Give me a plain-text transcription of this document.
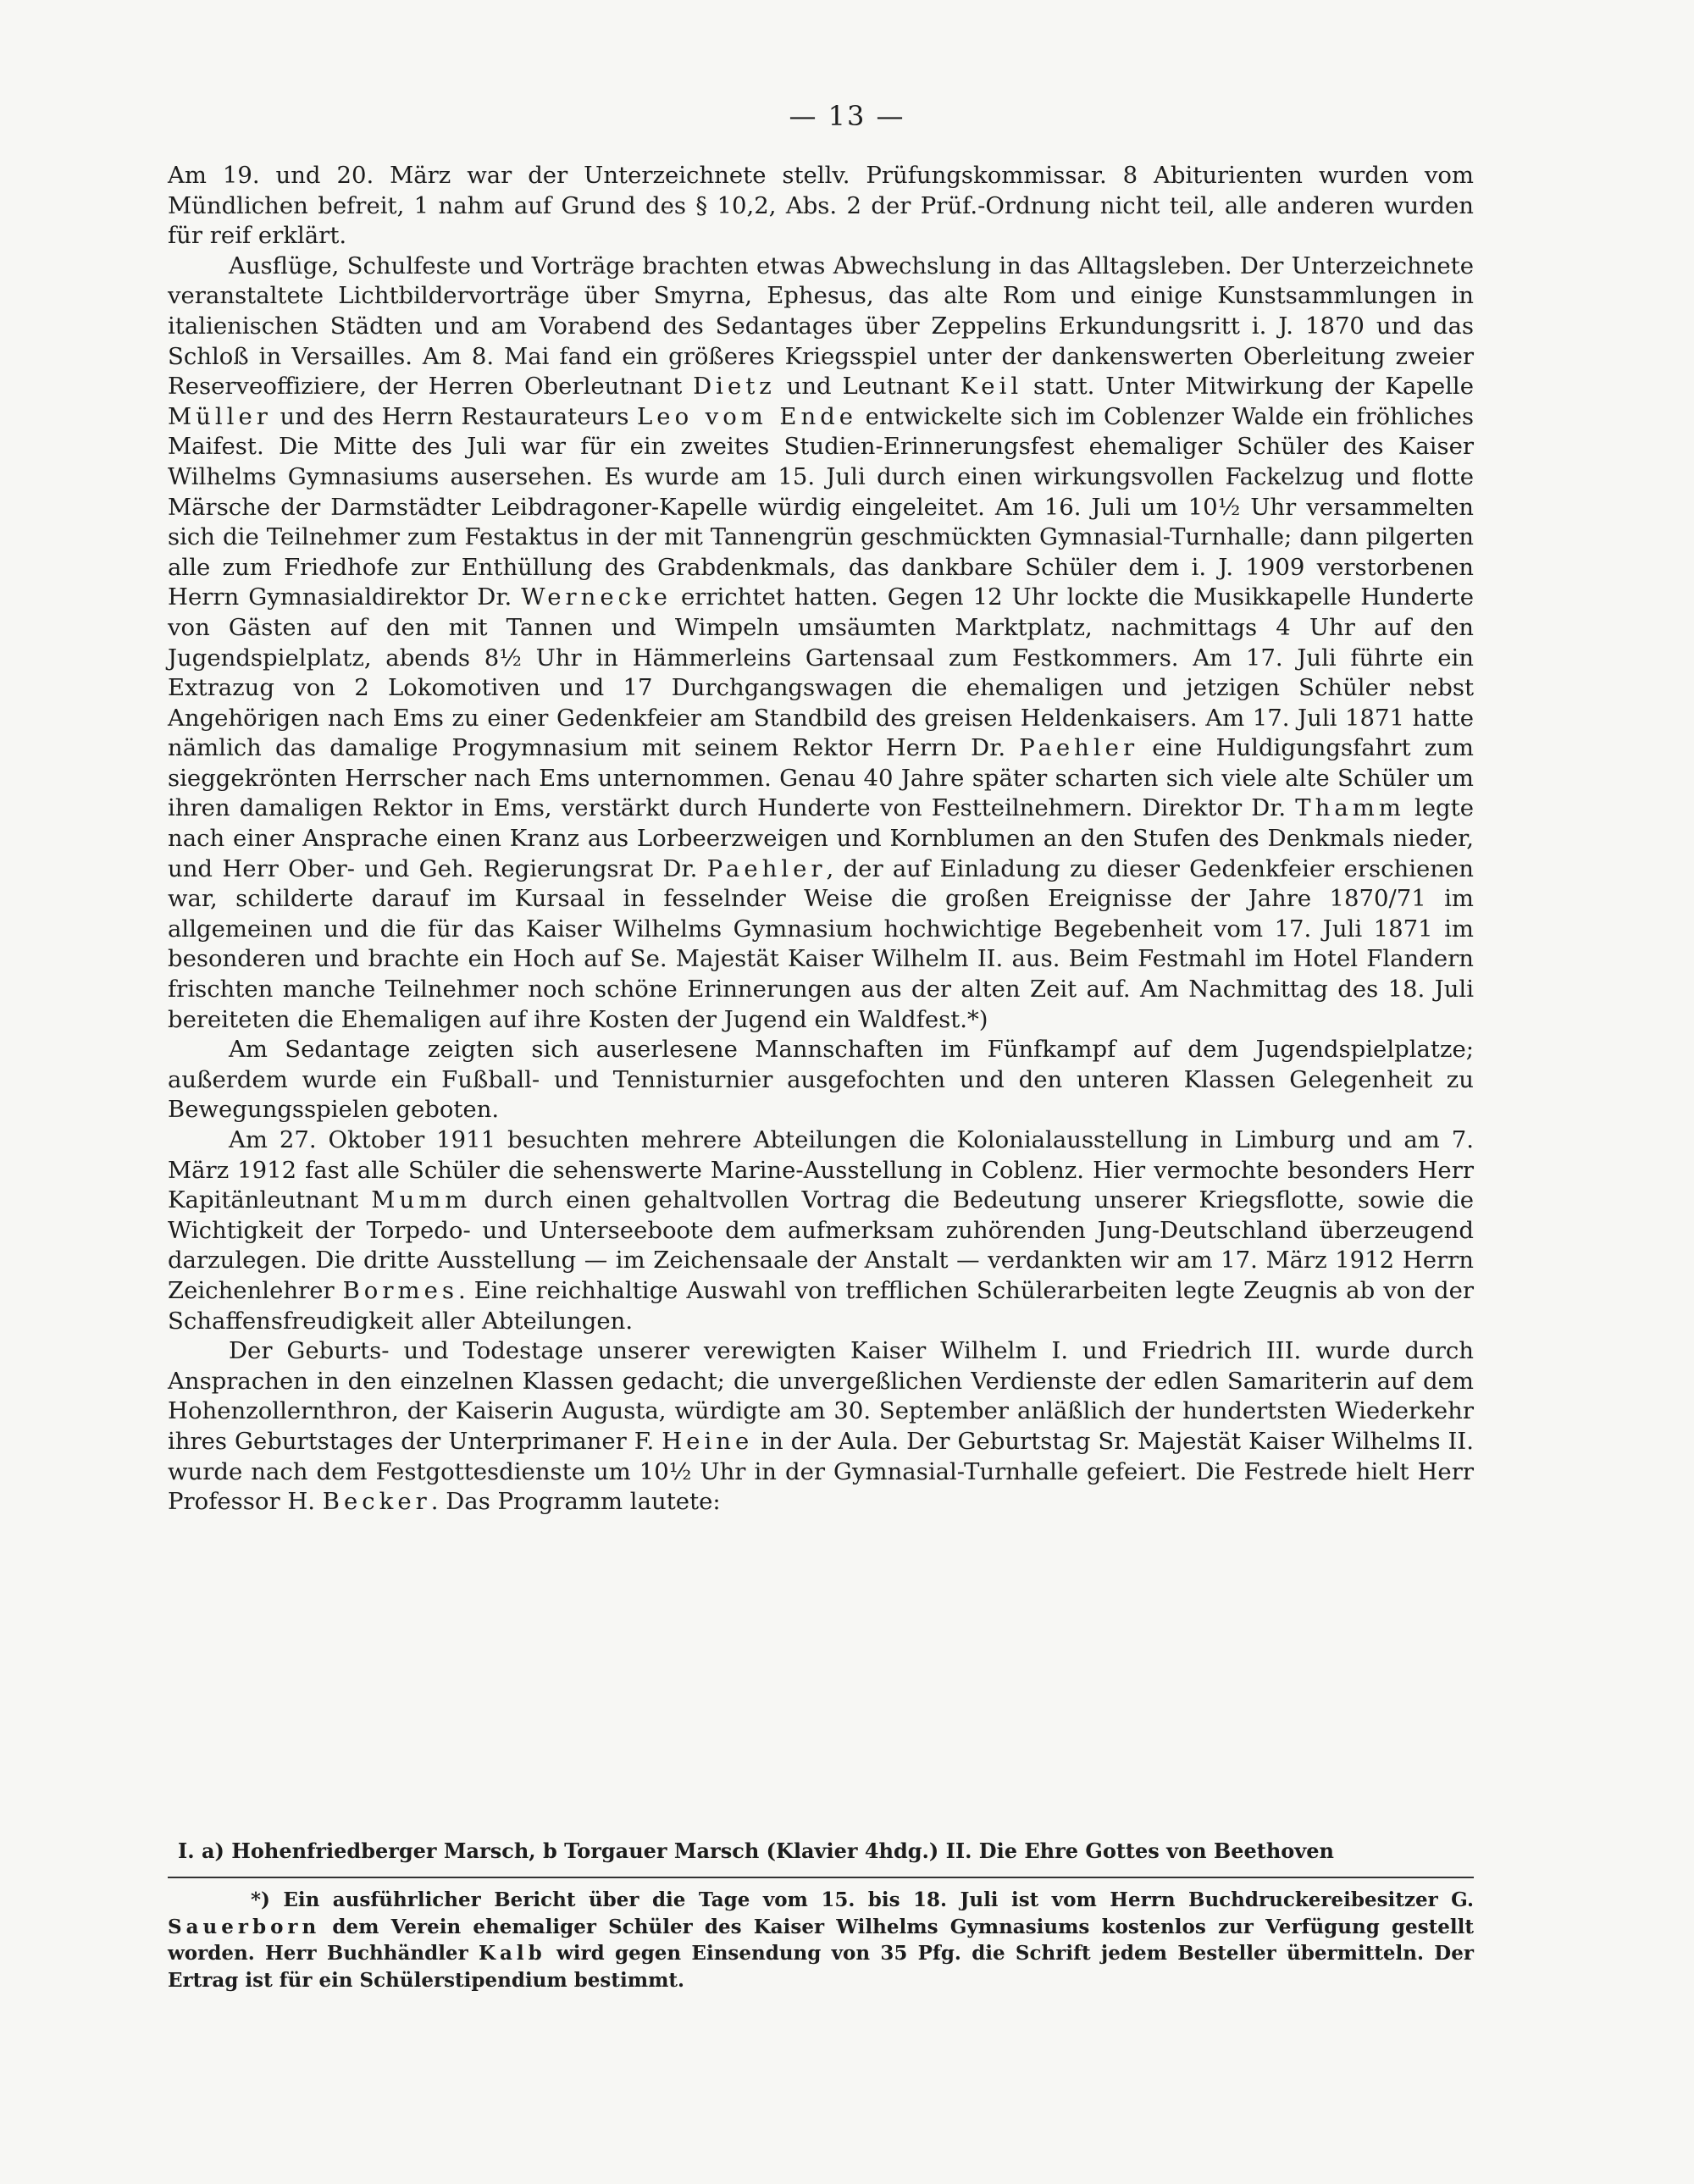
— 13 —

Am 19. und 20. März war der Unterzeichnete stellv. Prüfungskommissar. 8 Abiturienten wurden vom Mündlichen befreit, 1 nahm auf Grund des § 10,2, Abs. 2 der Prüf.-Ordnung nicht teil, alle anderen wurden für reif erklärt.

Ausflüge, Schulfeste und Vorträge brachten etwas Abwechslung in das Alltagsleben. Der Unterzeichnete veranstaltete Lichtbildervorträge über Smyrna, Ephesus, das alte Rom und einige Kunstsammlungen in italienischen Städten und am Vorabend des Sedantages über Zeppelins Erkundungsritt i. J. 1870 und das Schloß in Versailles. Am 8. Mai fand ein größeres Kriegsspiel unter der dankenswerten Oberleitung zweier Reserveoffiziere, der Herren Oberleutnant Dietz und Leutnant Keil statt. Unter Mitwirkung der Kapelle Müller und des Herrn Restaurateurs Leo vom Ende entwickelte sich im Coblenzer Walde ein fröhliches Maifest. Die Mitte des Juli war für ein zweites Studien-Erinnerungsfest ehemaliger Schüler des Kaiser Wilhelms Gymnasiums ausersehen. Es wurde am 15. Juli durch einen wirkungsvollen Fackelzug und flotte Märsche der Darmstädter Leibdragoner-Kapelle würdig eingeleitet. Am 16. Juli um 10½ Uhr versammelten sich die Teilnehmer zum Festaktus in der mit Tannengrün geschmückten Gymnasial-Turnhalle; dann pilgerten alle zum Friedhofe zur Enthüllung des Grabdenkmals, das dankbare Schüler dem i. J. 1909 verstorbenen Herrn Gymnasialdirektor Dr. Wernecke errichtet hatten. Gegen 12 Uhr lockte die Musikkapelle Hunderte von Gästen auf den mit Tannen und Wimpeln umsäumten Marktplatz, nachmittags 4 Uhr auf den Jugendspielplatz, abends 8½ Uhr in Hämmerleins Gartensaal zum Festkommers. Am 17. Juli führte ein Extrazug von 2 Lokomotiven und 17 Durchgangswagen die ehemaligen und jetzigen Schüler nebst Angehörigen nach Ems zu einer Gedenkfeier am Standbild des greisen Heldenkaisers. Am 17. Juli 1871 hatte nämlich das damalige Progymnasium mit seinem Rektor Herrn Dr. Paehler eine Huldigungsfahrt zum sieggekrönten Herrscher nach Ems unternommen. Genau 40 Jahre später scharten sich viele alte Schüler um ihren damaligen Rektor in Ems, verstärkt durch Hunderte von Festteilnehmern. Direktor Dr. Thamm legte nach einer Ansprache einen Kranz aus Lorbeerzweigen und Kornblumen an den Stufen des Denkmals nieder, und Herr Ober- und Geh. Regierungsrat Dr. Paehler, der auf Einladung zu dieser Gedenkfeier erschienen war, schilderte darauf im Kursaal in fesselnder Weise die großen Ereignisse der Jahre 1870/71 im allgemeinen und die für das Kaiser Wilhelms Gymnasium hochwichtige Begebenheit vom 17. Juli 1871 im besonderen und brachte ein Hoch auf Se. Majestät Kaiser Wilhelm II. aus. Beim Festmahl im Hotel Flandern frischten manche Teilnehmer noch schöne Erinnerungen aus der alten Zeit auf. Am Nachmittag des 18. Juli bereiteten die Ehemaligen auf ihre Kosten der Jugend ein Waldfest.*)

Am Sedantage zeigten sich auserlesene Mannschaften im Fünfkampf auf dem Jugendspielplatze; außerdem wurde ein Fußball- und Tennisturnier ausgefochten und den unteren Klassen Gelegenheit zu Bewegungsspielen geboten.

Am 27. Oktober 1911 besuchten mehrere Abteilungen die Kolonialausstellung in Limburg und am 7. März 1912 fast alle Schüler die sehenswerte Marine-Ausstellung in Coblenz. Hier vermochte besonders Herr Kapitänleutnant Mumm durch einen gehaltvollen Vortrag die Bedeutung unserer Kriegsflotte, sowie die Wichtigkeit der Torpedo- und Unterseeboote dem aufmerksam zuhörenden Jung-Deutschland überzeugend darzulegen. Die dritte Ausstellung — im Zeichensaale der Anstalt — verdankten wir am 17. März 1912 Herrn Zeichenlehrer Bormes. Eine reichhaltige Auswahl von trefflichen Schülerarbeiten legte Zeugnis ab von der Schaffensfreudigkeit aller Abteilungen.

Der Geburts- und Todestage unserer verewigten Kaiser Wilhelm I. und Friedrich III. wurde durch Ansprachen in den einzelnen Klassen gedacht; die unvergeßlichen Verdienste der edlen Samariterin auf dem Hohenzollernthron, der Kaiserin Augusta, würdigte am 30. September anläßlich der hundertsten Wiederkehr ihres Geburtstages der Unterprimaner F. Heine in der Aula. Der Geburtstag Sr. Majestät Kaiser Wilhelms II. wurde nach dem Festgottesdienste um 10½ Uhr in der Gymnasial-Turnhalle gefeiert. Die Festrede hielt Herr Professor H. Becker. Das Programm lautete:

I. a) Hohenfriedberger Marsch, b Torgauer Marsch (Klavier 4hdg.) II. Die Ehre Gottes von Beethoven

*) Ein ausführlicher Bericht über die Tage vom 15. bis 18. Juli ist vom Herrn Buchdruckereibesitzer G. Sauerborn dem Verein ehemaliger Schüler des Kaiser Wilhelms Gymnasiums kostenlos zur Verfügung gestellt worden. Herr Buchhändler Kalb wird gegen Einsendung von 35 Pfg. die Schrift jedem Besteller übermitteln. Der Ertrag ist für ein Schülerstipendium bestimmt.
